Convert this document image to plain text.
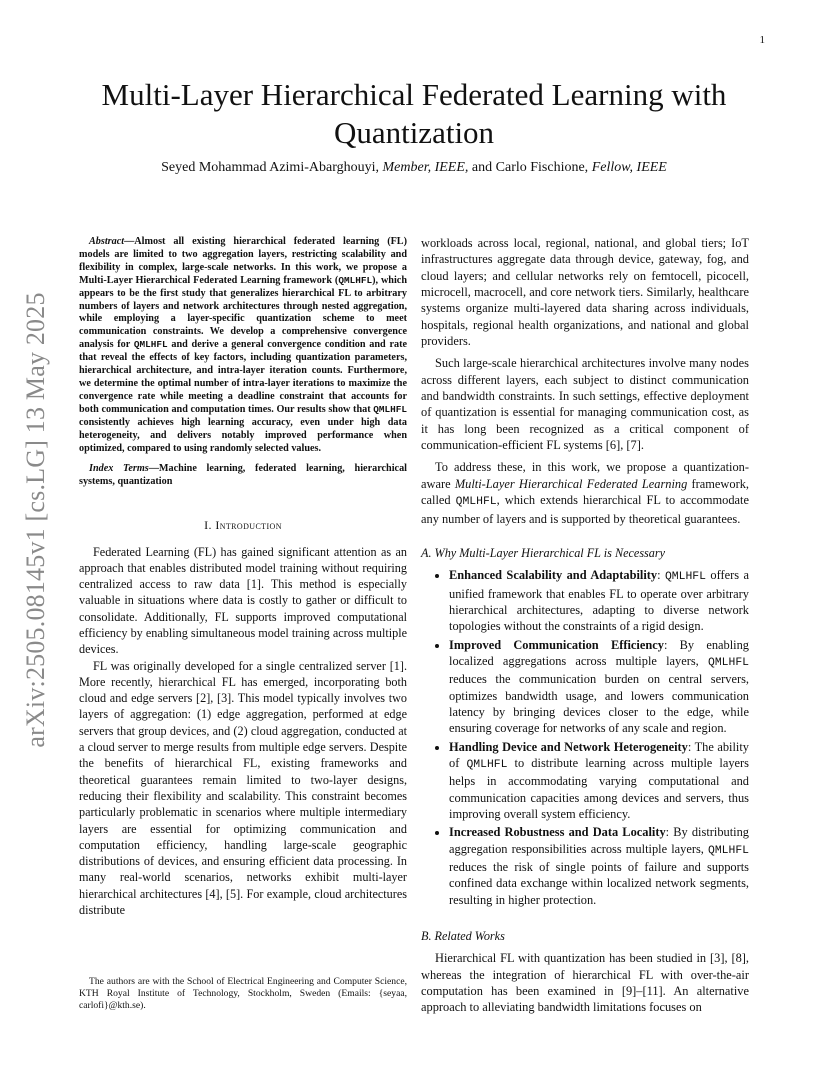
1
arXiv:2505.08145v1 [cs.LG] 13 May 2025
Multi-Layer Hierarchical Federated Learning with Quantization
Seyed Mohammad Azimi-Abarghouyi, Member, IEEE, and Carlo Fischione, Fellow, IEEE

Abstract—Almost all existing hierarchical federated learning (FL) models are limited to two aggregation layers, restricting scalability and flexibility in complex, large-scale networks. In this work, we propose a Multi-Layer Hierarchical Federated Learning framework (QMLHFL), which appears to be the first study that generalizes hierarchical FL to arbitrary numbers of layers and network architectures through nested aggregation, while employing a layer-specific quantization scheme to meet communication constraints. We develop a comprehensive convergence analysis for QMLHFL and derive a general convergence condition and rate that reveal the effects of key factors, including quantization parameters, hierarchical architecture, and intra-layer iteration counts. Furthermore, we determine the optimal number of intra-layer iterations to maximize the convergence rate while meeting a deadline constraint that accounts for both communication and computation times. Our results show that QMLHFL consistently achieves high learning accuracy, even under high data heterogeneity, and delivers notably improved performance when optimized, compared to using randomly selected values.

Index Terms—Machine learning, federated learning, hierarchical systems, quantization

I. Introduction

Federated Learning (FL) has gained significant attention as an approach that enables distributed model training without requiring centralized access to raw data [1]. This method is especially valuable in situations where data is costly to gather or difficult to consolidate. Additionally, FL supports improved computational efficiency by enabling simultaneous model training across multiple devices.

FL was originally developed for a single centralized server [1]. More recently, hierarchical FL has emerged, incorporating both cloud and edge servers [2], [3]. This model typically involves two layers of aggregation: (1) edge aggregation, performed at edge servers that group devices, and (2) cloud aggregation, conducted at a cloud server to merge results from multiple edge servers. Despite the benefits of hierarchical FL, existing frameworks and theoretical guarantees remain limited to two-layer designs, reducing their flexibility and scalability. This constraint becomes particularly problematic in scenarios where multiple intermediary layers are essential for optimizing communication and computation efficiency, handling large-scale geographic distributions of devices, and ensuring efficient data processing. In many real-world scenarios, networks exhibit multi-layer hierarchical architectures [4], [5]. For example, cloud architectures distribute

The authors are with the School of Electrical Engineering and Computer Science, KTH Royal Institute of Technology, Stockholm, Sweden (Emails: {seyaa, carlofi}@kth.se).

workloads across local, regional, national, and global tiers; IoT infrastructures aggregate data through device, gateway, fog, and cloud layers; and cellular networks rely on femtocell, picocell, microcell, macrocell, and core network tiers. Similarly, healthcare systems organize multi-layered data sharing across individuals, hospitals, regional health organizations, and national and global providers.

Such large-scale hierarchical architectures involve many nodes across different layers, each subject to distinct communication and bandwidth constraints. In such settings, effective deployment of quantization is essential for managing communication cost, as it has long been recognized as a critical component of communication-efficient FL systems [6], [7].

To address these, in this work, we propose a quantization-aware Multi-Layer Hierarchical Federated Learning framework, called QMLHFL, which extends hierarchical FL to accommodate any number of layers and is supported by theoretical guarantees.

A. Why Multi-Layer Hierarchical FL is Necessary
• Enhanced Scalability and Adaptability: QMLHFL offers a unified framework that enables FL to operate over arbitrary hierarchical architectures, adapting to diverse network topologies without the constraints of a rigid design.
• Improved Communication Efficiency: By enabling localized aggregations across multiple layers, QMLHFL reduces the communication burden on central servers, optimizes bandwidth usage, and lowers communication latency by bringing devices closer to the edge, while ensuring coverage for networks of any scale and region.
• Handling Device and Network Heterogeneity: The ability of QMLHFL to distribute learning across multiple layers helps in accommodating varying computational and communication capacities among devices and servers, thus improving overall system efficiency.
• Increased Robustness and Data Locality: By distributing aggregation responsibilities across multiple layers, QMLHFL reduces the risk of single points of failure and supports confined data exchange within localized network segments, resulting in higher protection.
B. Related Works

Hierarchical FL with quantization has been studied in [3], [8], whereas the integration of hierarchical FL with over-the-air computation has been examined in [9]–[11]. An alternative approach to alleviating bandwidth limitations focuses on
